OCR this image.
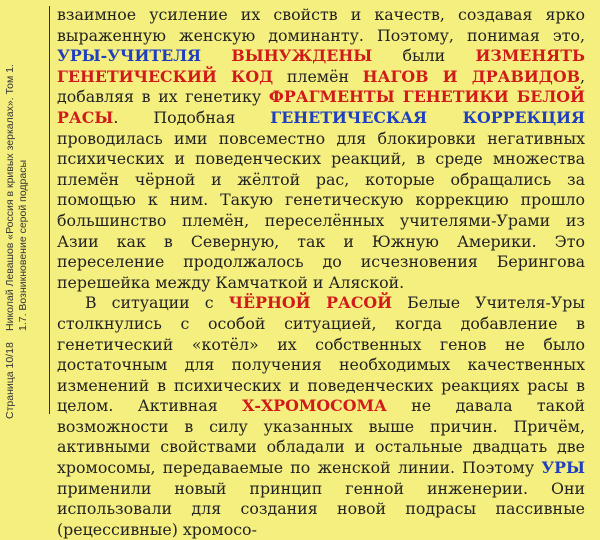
Страница 10/18
Николай Левашов «Россия в кривых зеркалах». Том 1. 1.7. Возникновение серой подрасы

взаимное усиление их свойств и качеств, создавая ярко выраженную женскую доминанту. Поэтому, понимая это, УРЫ-УЧИТЕЛЯ ВЫНУЖДЕНЫ были ИЗМЕНЯТЬ ГЕНЕТИЧЕСКИЙ КОД племён НАГОВ И ДРАВИДОВ, добавляя в их генетику ФРАГМЕНТЫ ГЕНЕТИКИ БЕЛОЙ РАСЫ. Подобная ГЕНЕТИЧЕСКАЯ КОРРЕКЦИЯ проводилась ими повсеместно для блокировки негативных психических и поведенческих реакций, в среде множества племён чёрной и жёлтой рас, которые обращались за помощью к ним. Такую генетическую коррекцию прошло большинство племён, переселённых учителями-Урами из Азии как в Северную, так и Южную Америки. Это переселение продолжалось до исчезновения Берингова перешейка между Камчаткой и Аляской.

В ситуации с ЧЁРНОЙ РАСОЙ Белые Учителя-Уры столкнулись с особой ситуацией, когда добавление в генетический «котёл» их собственных генов не было достаточным для получения необходимых качественных изменений в психических и поведенческих реакциях расы в целом. Активная Х-ХРОМОСОМА не давала такой возможности в силу указанных выше причин. Причём, активными свойствами обладали и остальные двадцать две хромосомы, передаваемые по женской линии. Поэтому УРЫ применили новый принцип генной инженерии. Они использовали для создания новой подрасы пассивные (рецессивные) хромосо-
